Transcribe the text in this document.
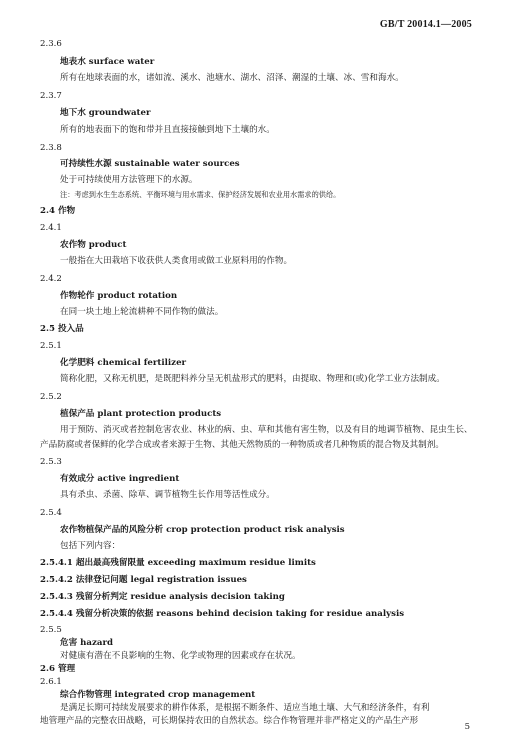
GB/T 20014.1—2005
2.3.6
地表水 surface water
所有在地球表面的水，诸如流、溪水、池塘水、湖水、沼泽、潮湿的土壤、冰、雪和海水。
2.3.7
地下水 groundwater
所有的地表面下的饱和带并且直接接触到地下土壤的水。
2.3.8
可持续性水源 sustainable water sources
处于可持续使用方法管理下的水源。
注：考虑到水生生态系统、平衡环境与用水需求、保护经济发展和农业用水需求的供给。
2.4 作物
2.4.1
农作物 product
一般指在大田栽培下收获供人类食用或做工业原料用的作物。
2.4.2
作物轮作 product rotation
在同一块土地上轮流耕种不同作物的做法。
2.5 投入品
2.5.1
化学肥料 chemical fertilizer
简称化肥，又称无机肥，是既肥料养分呈无机盐形式的肥料，由提取、物理和(或)化学工业方法制成。
2.5.2
植保产品 plant protection products
用于预防、消灭或者控制危害农业、林业的病、虫、草和其他有害生物，以及有目的地调节植物、昆虫生长、
产品防腐或者保鲜的化学合成或者来源于生物、其他天然物质的一种物质或者几种物质的混合物及其制剂。
2.5.3
有效成分 active ingredient
具有杀虫、杀菌、除草、调节植物生长作用等活性成分。
2.5.4
农作物植保产品的风险分析 crop protection product risk analysis
包括下列内容：
2.5.4.1 超出最高残留限量 exceeding maximum residue limits
2.5.4.2 法律登记问题 legal registration issues
2.5.4.3 残留分析判定 residue analysis decision taking
2.5.4.4 残留分析决策的依据 reasons behind decision taking for residue analysis
2.5.5
危害 hazard
对健康有潜在不良影响的生物、化学或物理的因素或存在状况。
2.6 管理
2.6.1
综合作物管理 integrated crop management
是满足长期可持续发展要求的耕作体系，是根据不断条件、适应当地土壤、大气和经济条件，有利
地管理产品的完整农田战略，可长期保持农田的自然状态。综合作物管理并非严格定义的产品生产形
5
